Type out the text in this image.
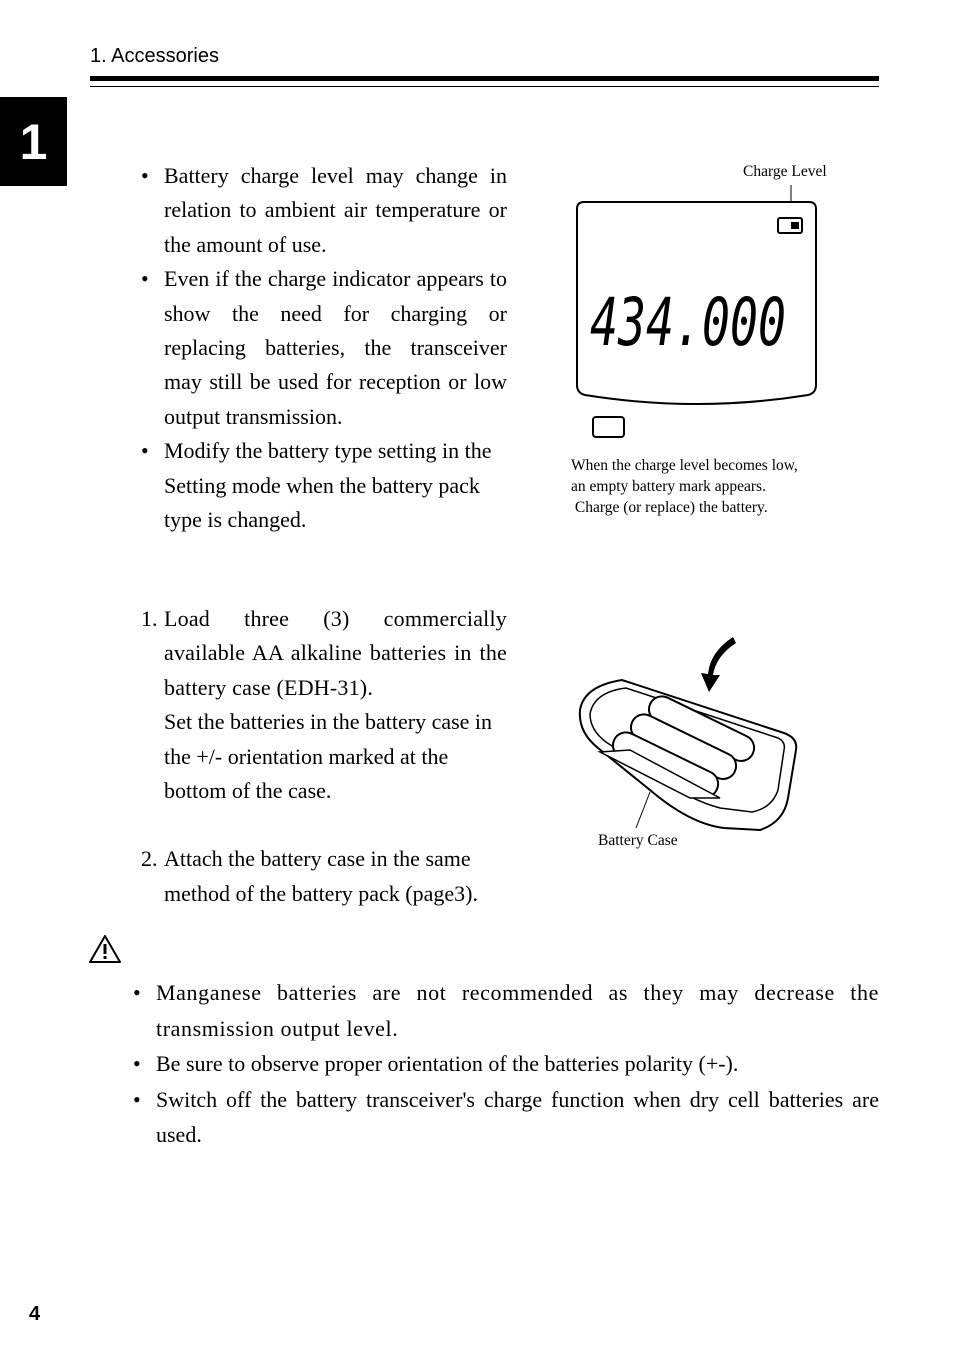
1. Accessories
1
• Battery charge level may change in relation to ambient air temperature or the amount of use.
• Even if the charge indicator appears to show the need for charging or replacing batteries, the transceiver may still be used for reception or low output transmission.
• Modify the battery type setting in the Setting mode when the battery pack type is changed.
Charge Level
434.000
When the charge level becomes low,
an empty battery mark appears.
Charge (or replace) the battery.
1. Load three (3) commercially available AA alkaline batteries in the battery case (EDH-31).
Set the batteries in the battery case in the +/- orientation marked at the bottom of the case.
2. Attach the battery case in the same method of the battery pack (page3).
Battery Case
• Manganese batteries are not recommended as they may decrease the transmission output level.
• Be sure to observe proper orientation of the batteries polarity (+-).
• Switch off the battery transceiver's charge function when dry cell batteries are used.
4
